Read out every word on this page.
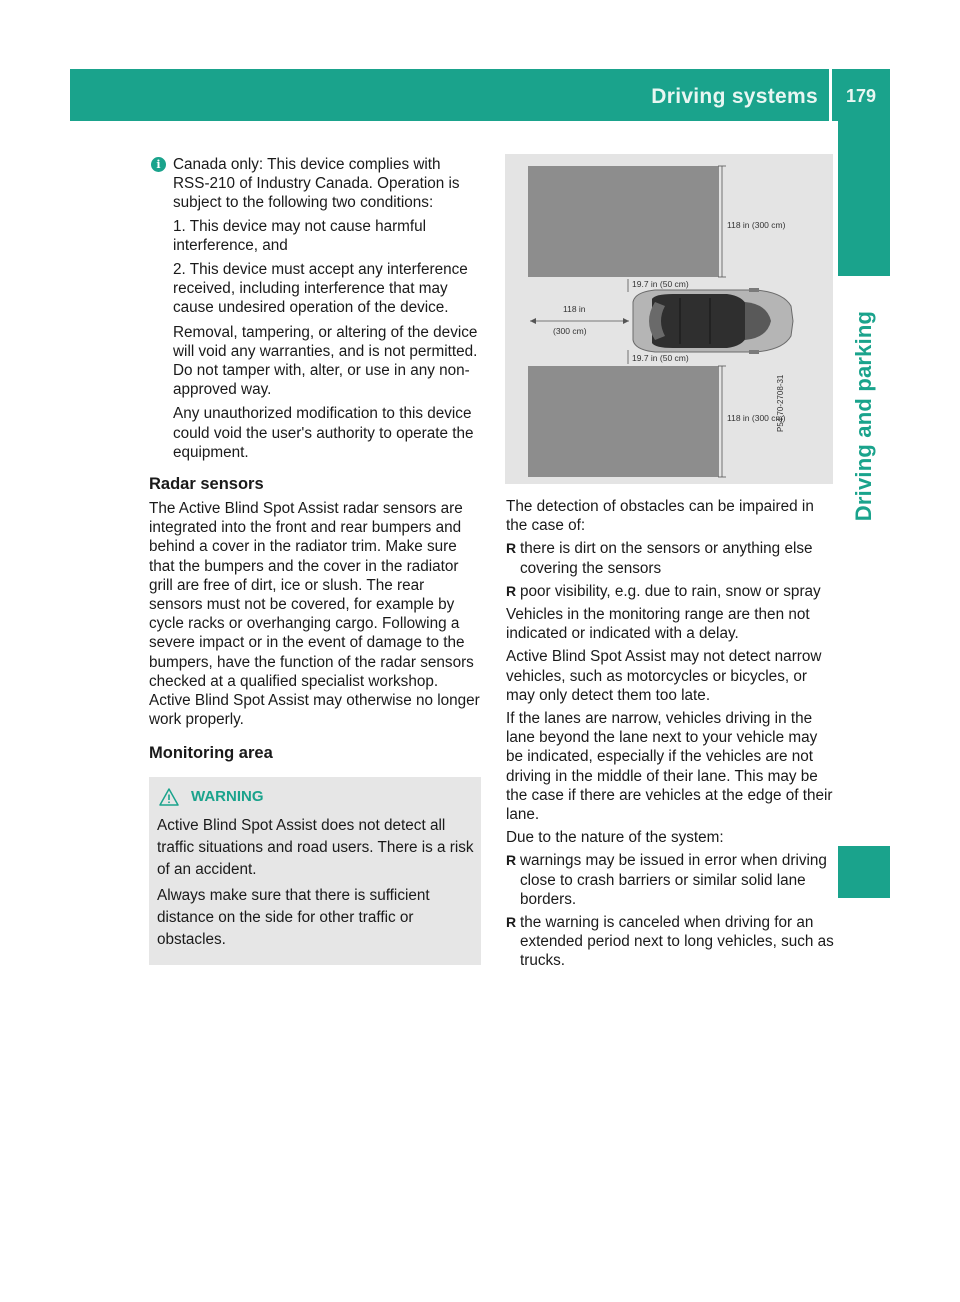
Driving systems 179
Driving and parking
i Canada only: This device complies with RSS-210 of Industry Canada. Operation is subject to the following two conditions:

1. This device may not cause harmful interference, and

2. This device must accept any interference received, including interference that may cause undesired operation of the device.

Removal, tampering, or altering of the device will void any warranties, and is not permitted. Do not tamper with, alter, or use in any non-approved way.

Any unauthorized modification to this device could void the user's authority to operate the equipment.

Radar sensors

The Active Blind Spot Assist radar sensors are integrated into the front and rear bumpers and behind a cover in the radiator trim. Make sure that the bumpers and the cover in the radiator grill are free of dirt, ice or slush. The rear sensors must not be covered, for example by cycle racks or overhanging cargo. Following a severe impact or in the event of damage to the bumpers, have the function of the radar sensors checked at a qualified specialist workshop. Active Blind Spot Assist may otherwise no longer work properly.

Monitoring area
WARNING

Active Blind Spot Assist does not detect all traffic situations and road users. There is a risk of an accident.

Always make sure that there is sufficient distance on the side for other traffic or obstacles.

118 in (300 cm)
19.7 in (50 cm)
118 in
(300 cm)
19.7 in (50 cm)
118 in (300 cm)
P54.70-2708-31

The detection of obstacles can be impaired in the case of:

R there is dirt on the sensors or anything else covering the sensors
R poor visibility, e.g. due to rain, snow or spray

Vehicles in the monitoring range are then not indicated or indicated with a delay.

Active Blind Spot Assist may not detect narrow vehicles, such as motorcycles or bicycles, or may only detect them too late.

If the lanes are narrow, vehicles driving in the lane beyond the lane next to your vehicle may be indicated, especially if the vehicles are not driving in the middle of their lane. This may be the case if there are vehicles at the edge of their lane.

Due to the nature of the system:

R warnings may be issued in error when driving close to crash barriers or similar solid lane borders.
R the warning is canceled when driving for an extended period next to long vehicles, such as trucks.
